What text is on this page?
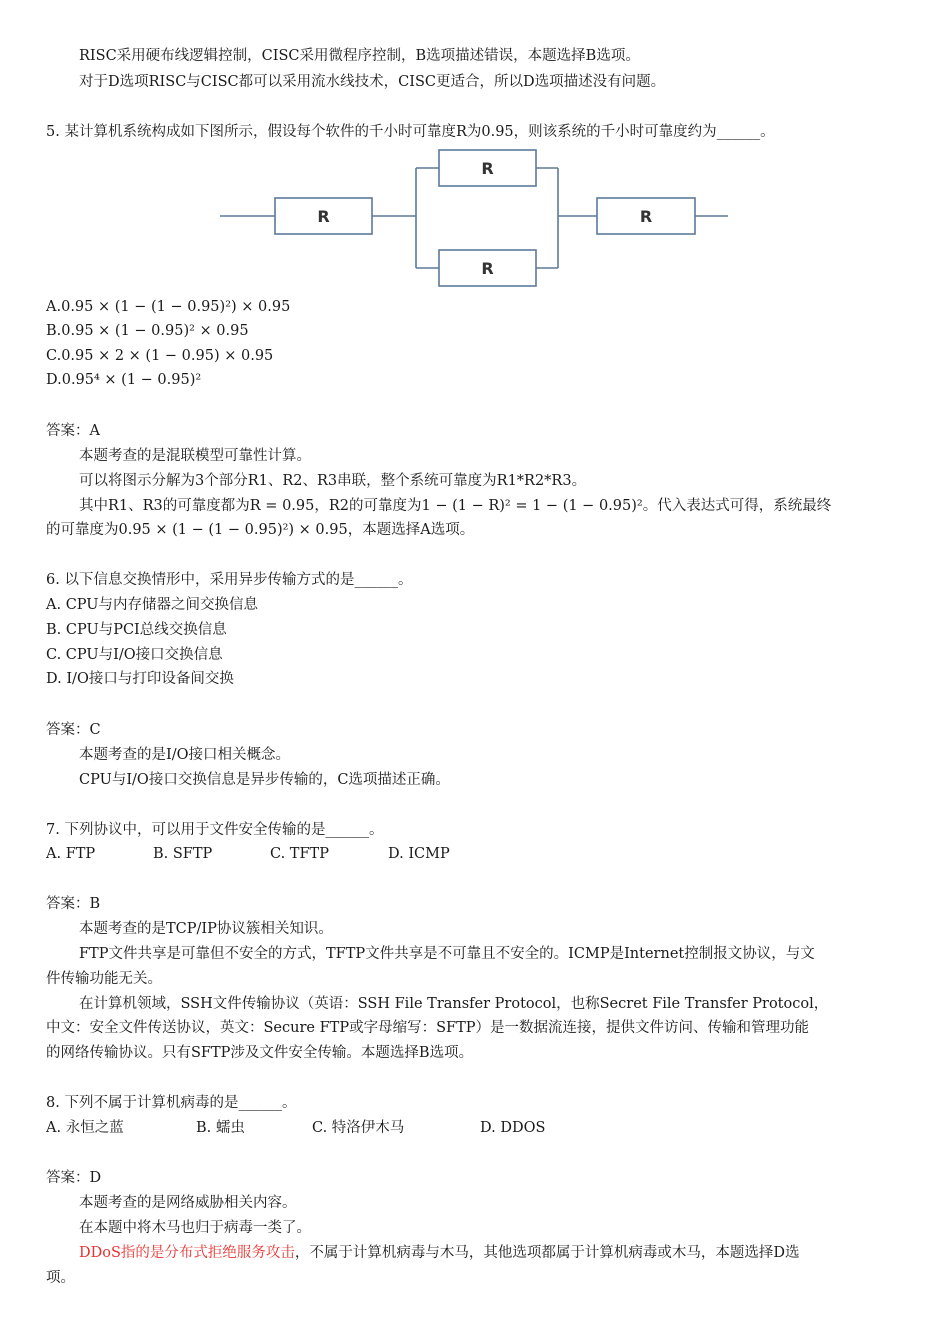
RISC采用硬布线逻辑控制，CISC采用微程序控制，B选项描述错误，本题选择B选项。
对于D选项RISC与CISC都可以采用流水线技术，CISC更适合，所以D选项描述没有问题。
5. 某计算机系统构成如下图所示，假设每个软件的千小时可靠度R为0.95，则该系统的千小时可靠度约为______。
R
R
R
R
A.0.95 × (1 − (1 − 0.95)²) × 0.95
B.0.95 × (1 − 0.95)² × 0.95
C.0.95 × 2 × (1 − 0.95) × 0.95
D.0.95⁴ × (1 − 0.95)²
答案：A
本题考查的是混联模型可靠性计算。
可以将图示分解为3个部分R1、R2、R3串联，整个系统可靠度为R1*R2*R3。
其中R1、R3的可靠度都为R = 0.95，R2的可靠度为1 − (1 − R)² = 1 − (1 − 0.95)²。代入表达式可得，系统最终
的可靠度为0.95 × (1 − (1 − 0.95)²) × 0.95，本题选择A选项。
6. 以下信息交换情形中，采用异步传输方式的是______。
A. CPU与内存储器之间交换信息
B. CPU与PCI总线交换信息
C. CPU与I/O接口交换信息
D. I/O接口与打印设备间交换
答案：C
本题考查的是I/O接口相关概念。
CPU与I/O接口交换信息是异步传输的，C选项描述正确。
7. 下列协议中，可以用于文件安全传输的是______。
A. FTP	B. SFTP	C. TFTP	D. ICMP
答案：B
本题考查的是TCP/IP协议簇相关知识。
FTP文件共享是可靠但不安全的方式，TFTP文件共享是不可靠且不安全的。ICMP是Internet控制报文协议，与文
件传输功能无关。
在计算机领域，SSH文件传输协议（英语：SSH File Transfer Protocol，也称Secret File Transfer Protocol，
中文：安全文件传送协议，英文：Secure FTP或字母缩写：SFTP）是一数据流连接，提供文件访问、传输和管理功能
的网络传输协议。只有SFTP涉及文件安全传输。本题选择B选项。
8. 下列不属于计算机病毒的是______。
A. 永恒之蓝	B. 蠕虫	C. 特洛伊木马	D. DDOS
答案：D
本题考查的是网络威胁相关内容。
在本题中将木马也归于病毒一类了。
DDoS指的是分布式拒绝服务攻击，不属于计算机病毒与木马，其他选项都属于计算机病毒或木马，本题选择D选
项。
